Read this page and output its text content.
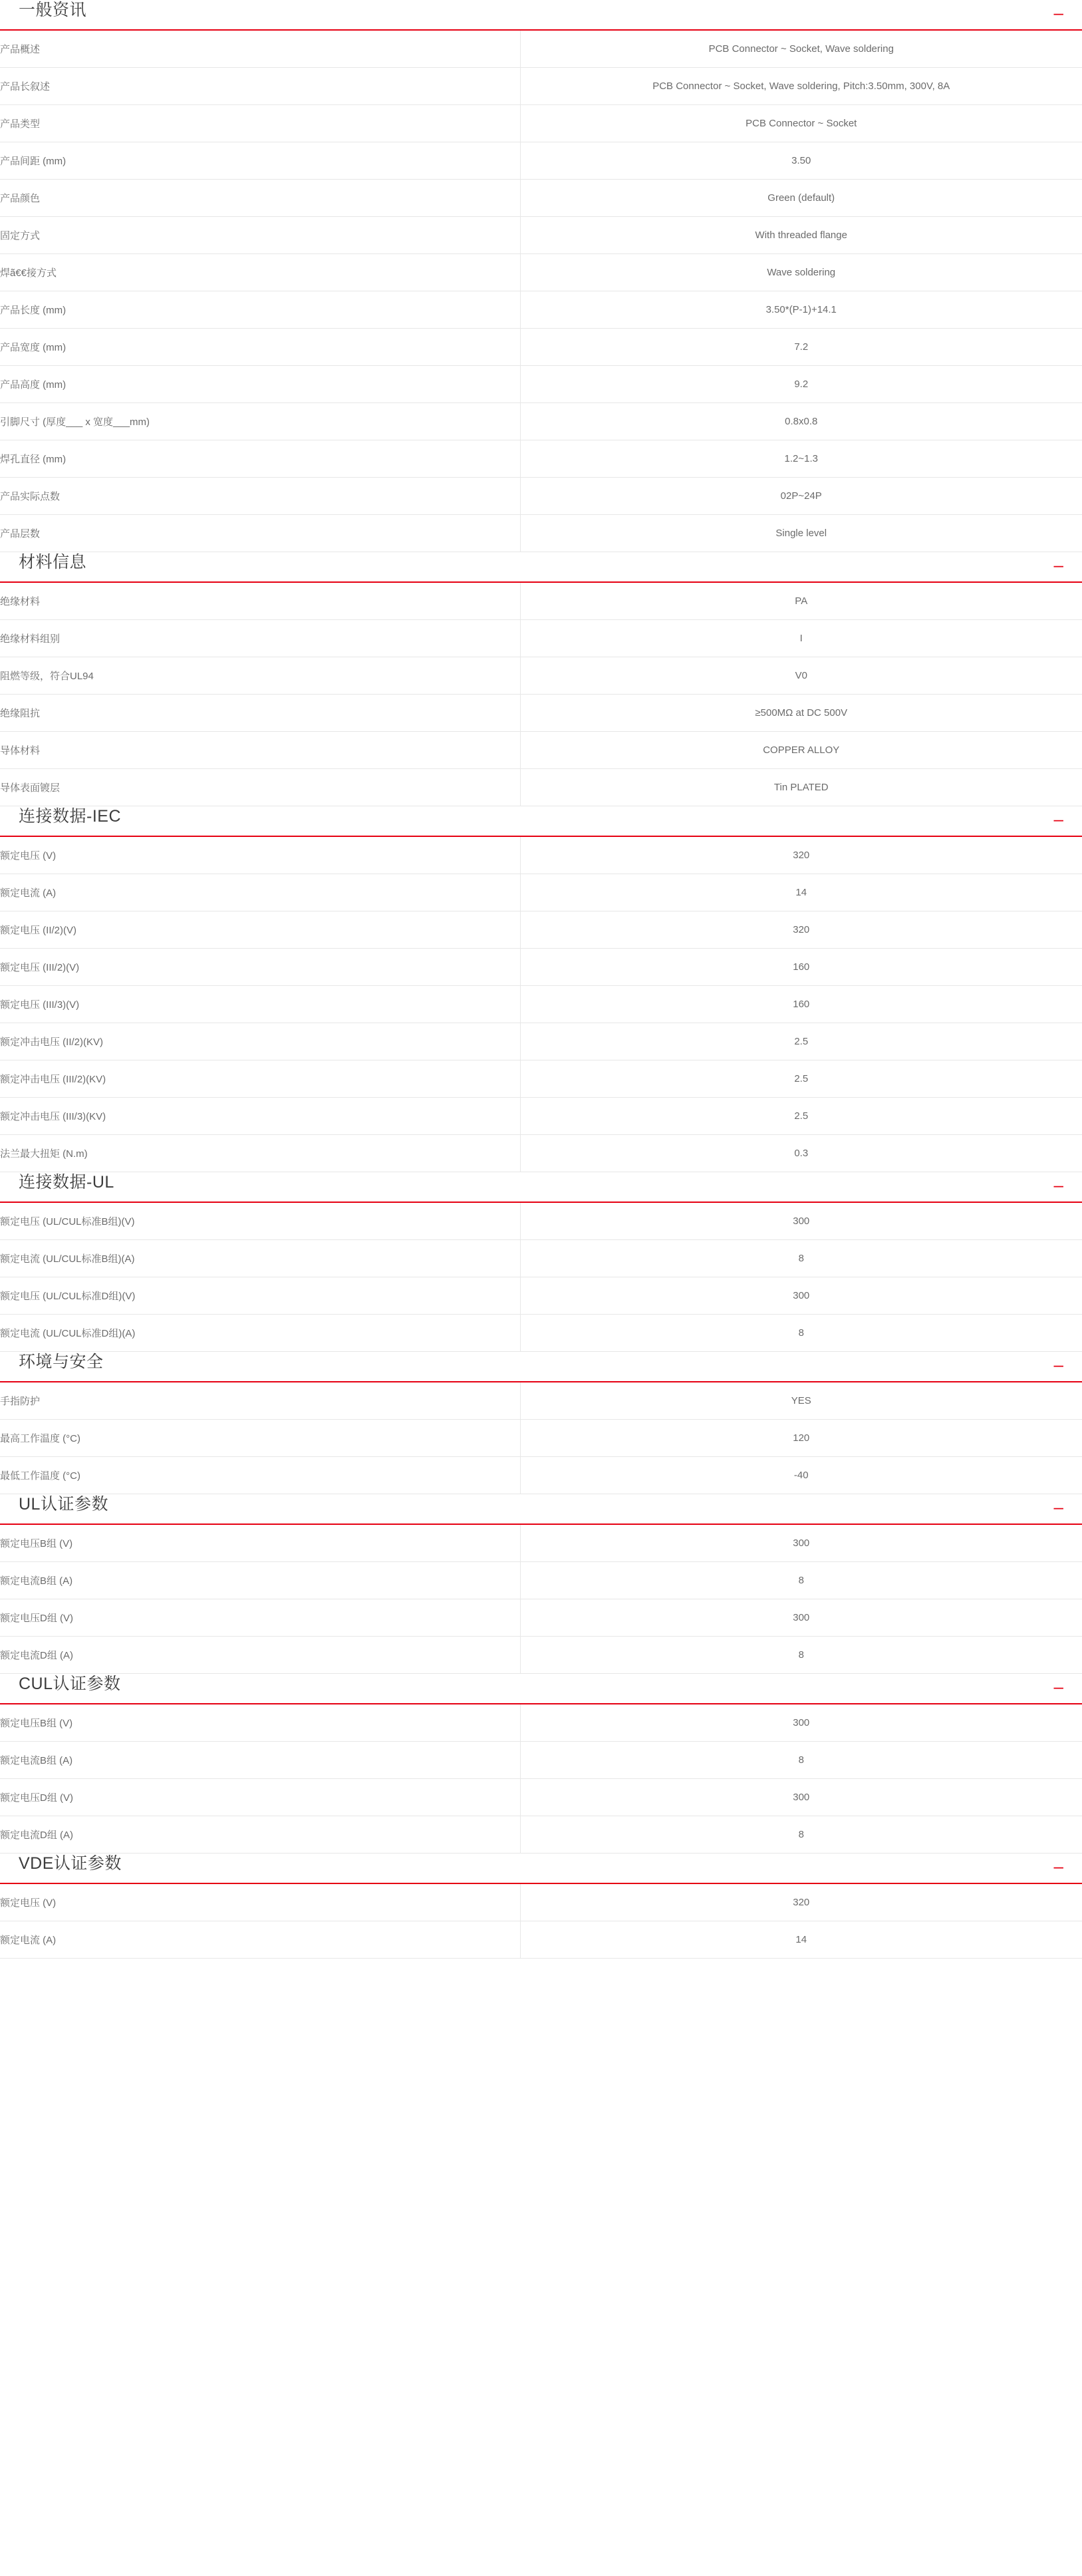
一般资讯	–
产品概述	PCB Connector ~ Socket, Wave soldering
产品长叙述	PCB Connector ~ Socket, Wave soldering, Pitch:3.50mm, 300V, 8A
产品类型	PCB Connector ~ Socket
产品间距 (mm)	3.50
产品颜色	Green (default)
固定方式	With threaded flange
焊ã€€接方式	Wave soldering
产品长度 (mm)	3.50*(P-1)+14.1
产品宽度 (mm)	7.2
产品高度 (mm)	9.2
引脚尺寸 (厚度___ x 宽度___mm)	0.8x0.8
焊孔直径 (mm)	1.2~1.3
产品实际点数	02P~24P
产品层数	Single level
材料信息	–
绝缘材料	PA
绝缘材料组别	I
阻燃等级，符合UL94	V0
绝缘阻抗	≥500MΩ at DC 500V
导体材料	COPPER ALLOY
导体表面镀层	Tin PLATED
连接数据-IEC	–
额定电压 (V)	320
额定电流 (A)	14
额定电压 (II/2)(V)	320
额定电压 (III/2)(V)	160
额定电压 (III/3)(V)	160
额定冲击电压 (II/2)(KV)	2.5
额定冲击电压 (III/2)(KV)	2.5
额定冲击电压 (III/3)(KV)	2.5
法兰最大扭矩 (N.m)	0.3
连接数据-UL	–
额定电压 (UL/CUL标准B组)(V)	300
额定电流 (UL/CUL标准B组)(A)	8
额定电压 (UL/CUL标准D组)(V)	300
额定电流 (UL/CUL标准D组)(A)	8
环境与安全	–
手指防护	YES
最高工作温度 (°C)	120
最低工作温度 (°C)	-40
UL认证参数	–
额定电压B组 (V)	300
额定电流B组 (A)	8
额定电压D组 (V)	300
额定电流D组 (A)	8
CUL认证参数	–
额定电压B组 (V)	300
额定电流B组 (A)	8
额定电压D组 (V)	300
额定电流D组 (A)	8
VDE认证参数	–
额定电压 (V)	320
额定电流 (A)	14
